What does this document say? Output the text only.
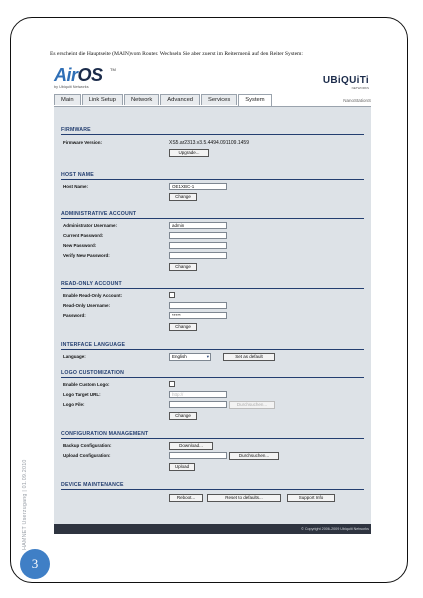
Es erscheint die Hauptseite (MAIN)vom Router. Wechseln Sie aber zuerst im Reitermenü auf den Reiter System:
AirOS TM
by Ubiquiti Networks
UBiQUiTi
NETWORKS
Main	Link Setup	Network	Advanced	Services	System	NanoStationS
FIRMWARE
Firmware Version:	XS5.ar2313.v3.5.4494.091109.1459
Upgrade...
HOST NAME
Host Name:	OE1XBC-1
Change
ADMINISTRATIVE ACCOUNT
Administrator Username:	admin
Current Password:
New Password:
Verify New Password:
Change
READ-ONLY ACCOUNT
Enable Read-Only Account:
Read-Only Username:
Password:	*****
Change
INTERFACE LANGUAGE
Language:	English	▾	Set as default
LOGO CUSTOMIZATION
Enable Custom Logo:
Logo Target URL:	http://
Logo File:	Durchsuchen...
Change
CONFIGURATION MANAGEMENT
Backup Configuration:	Download...
Upload Configuration:	Durchsuchen...
Upload
DEVICE MAINTENANCE
Reboot...	Reset to defaults...	Support Info
© Copyright 2006-2009 Ubiquiti Networks
HAMNET Userzugang | 01.09.2010
3
